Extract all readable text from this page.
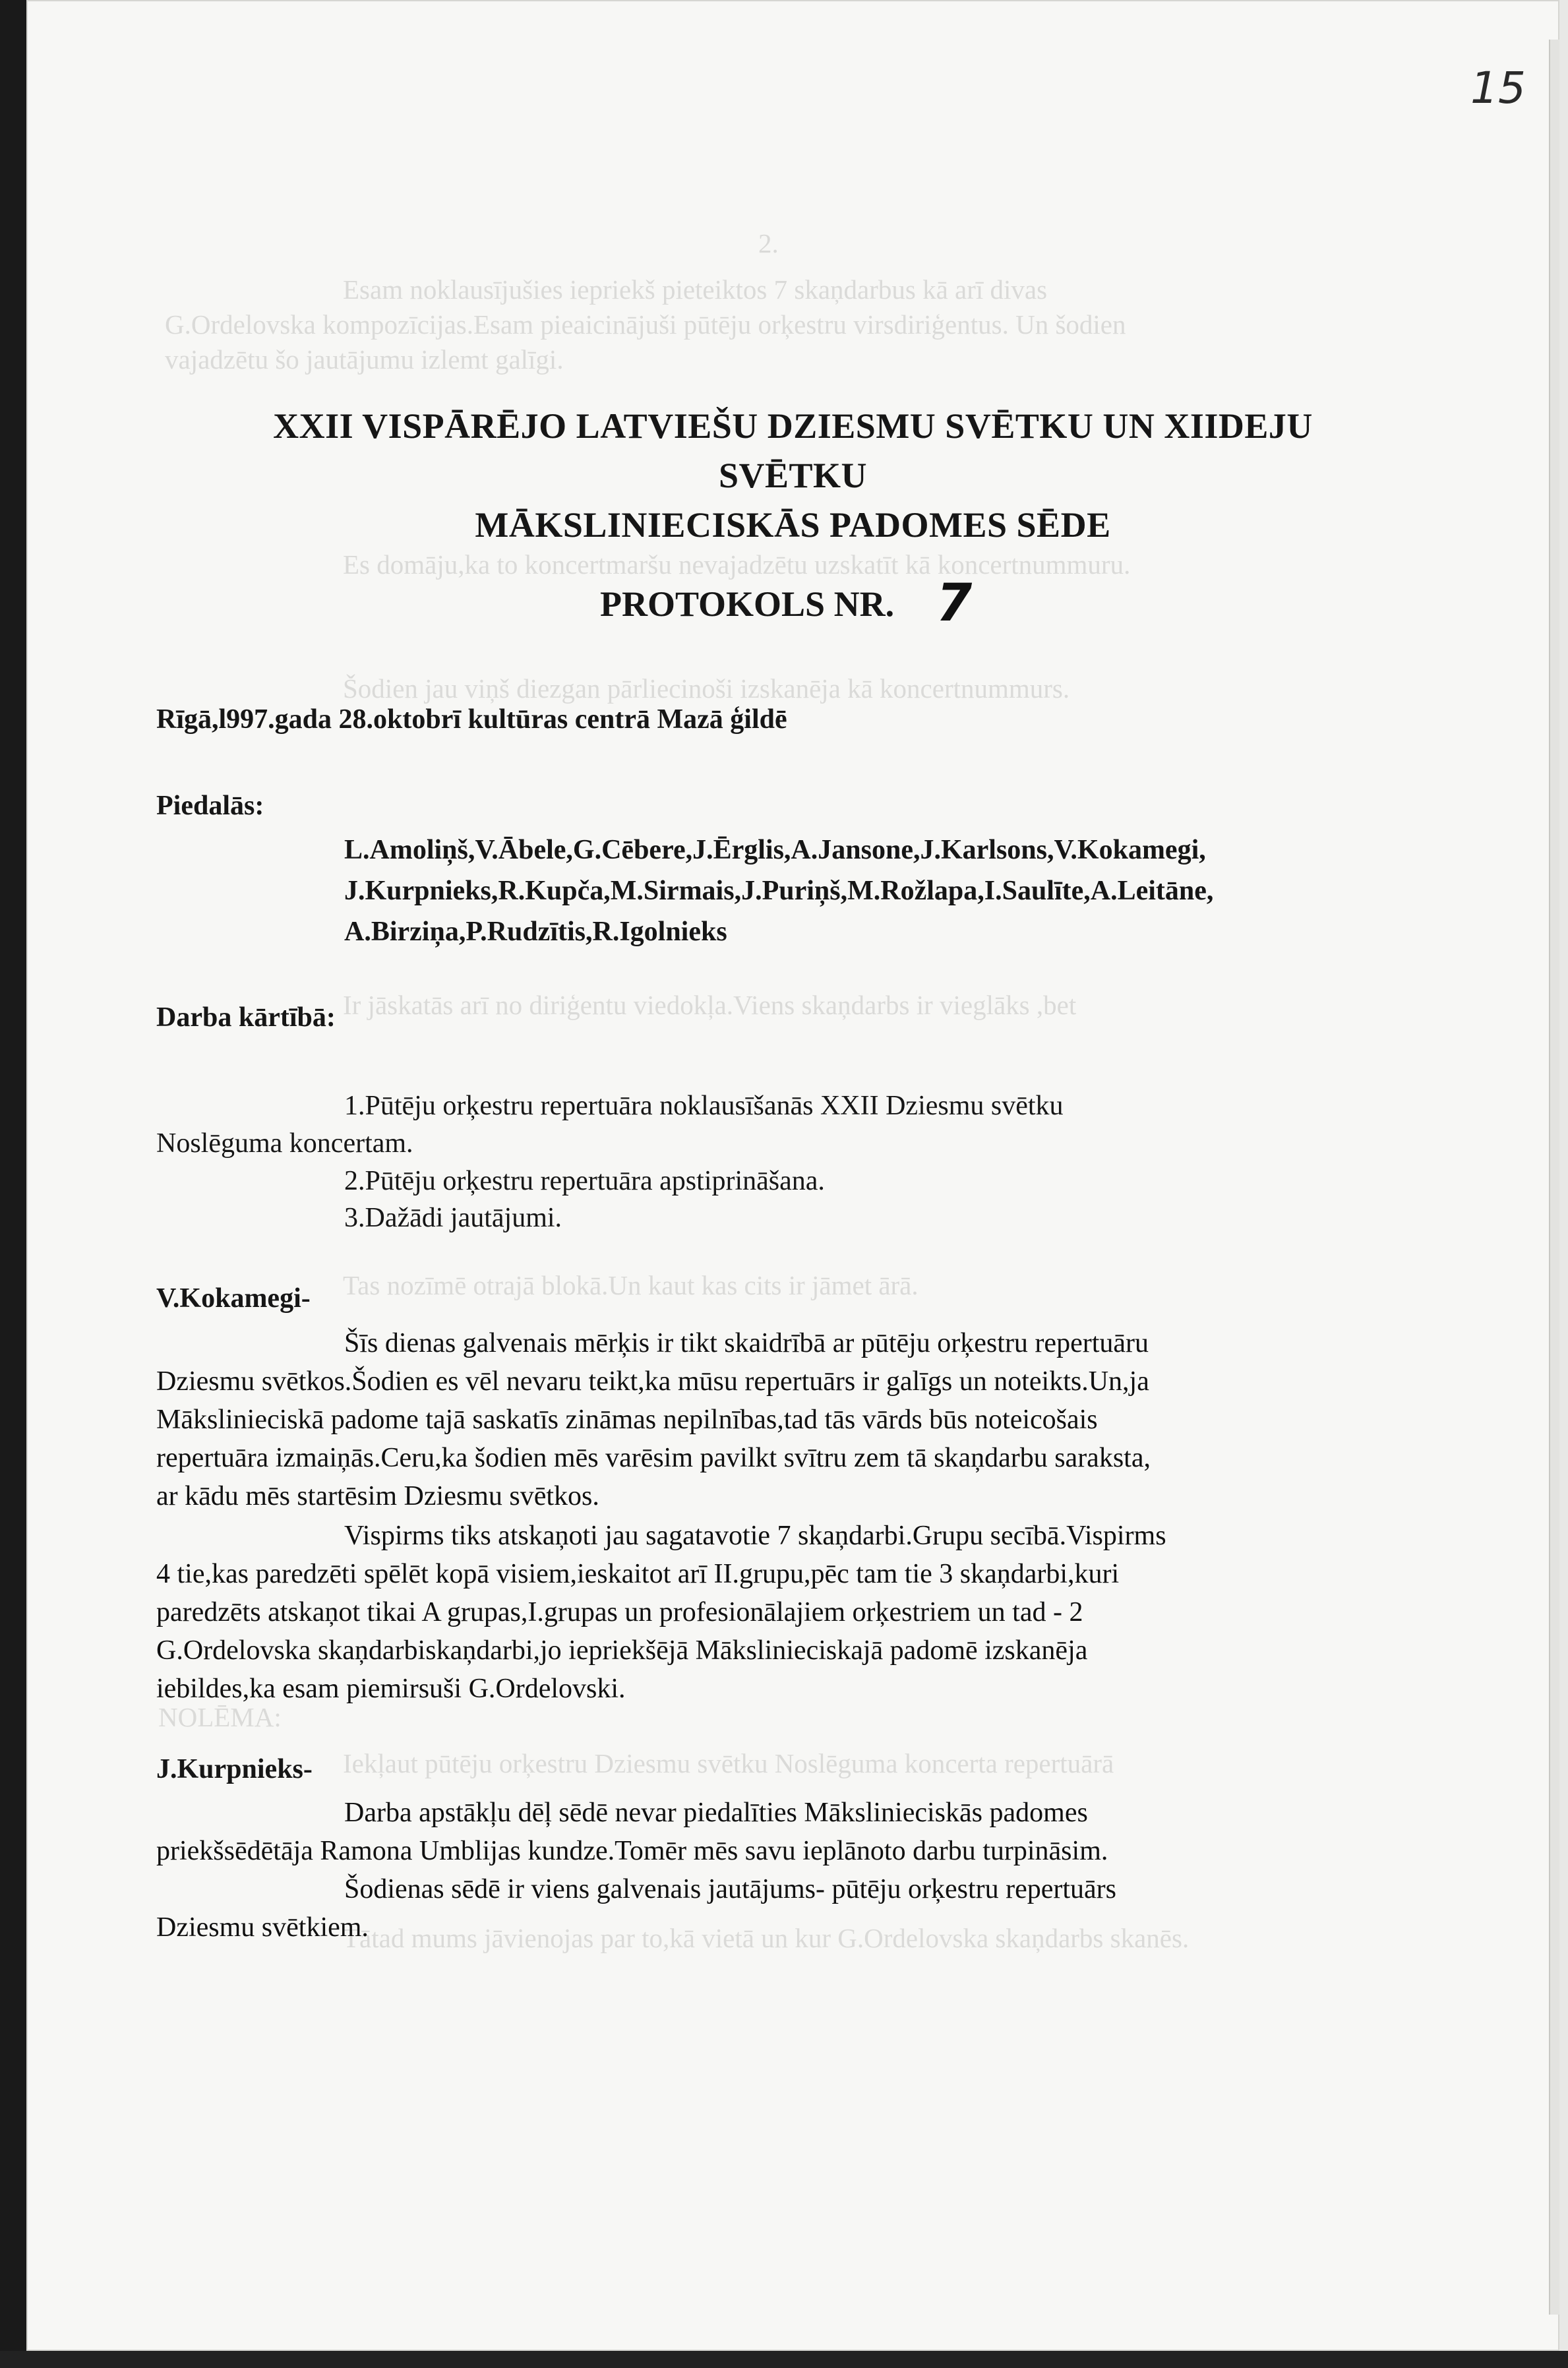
2.
Esam noklausījušies iepriekš pieteiktos 7 skaņdarbus kā arī divas
G.Ordelovska kompozīcijas.Esam pieaicinājuši pūtēju orķestru virsdiriģentus. Un šodien
vajadzētu šo jautājumu izlemt galīgi.
Es domāju,ka to koncertmaršu nevajadzētu uzskatīt kā koncertnummuru.
Šodien jau viņš diezgan pārliecinoši izskanēja kā koncertnummurs.
Ir jāskatās arī no diriģentu viedokļa.Viens skaņdarbs ir vieglāks ,bet
Tas nozīmē otrajā blokā.Un kaut kas cits ir jāmet ārā.
NOLĒMA:
Iekļaut pūtēju orķestru Dziesmu svētku Noslēguma koncerta repertuārā
Tātad mums jāvienojas par to,kā vietā un kur G.Ordelovska skaņdarbs skanēs.
15
XXII VISPĀRĒJO LATVIEŠU DZIESMU SVĒTKU UN XIIDEJU
SVĒTKU
MĀKSLINIECISKĀS PADOMES SĒDE
PROTOKOLS NR. 7
Rīgā,l997.gada 28.oktobrī kultūras centrā Mazā ģildē
Piedalās:
L.Amoliņš,V.Ābele,G.Cēbere,J.Ērglis,A.Jansone,J.Karlsons,V.Kokamegi,
J.Kurpnieks,R.Kupča,M.Sirmais,J.Puriņš,M.Rožlapa,I.Saulīte,A.Leitāne,
A.Birziņa,P.Rudzītis,R.Igolnieks
Darba kārtībā:
1.Pūtēju orķestru repertuāra noklausīšanās XXII Dziesmu svētku
Noslēguma koncertam.
2.Pūtēju orķestru repertuāra apstiprināšana.
3.Dažādi jautājumi.
V.Kokamegi-
Šīs dienas galvenais mērķis ir tikt skaidrībā ar pūtēju orķestru repertuāru
Dziesmu svētkos.Šodien es vēl nevaru teikt,ka mūsu repertuārs ir galīgs un noteikts.Un,ja
Mākslinieciskā padome tajā saskatīs zināmas nepilnības,tad tās vārds būs noteicošais
repertuāra izmaiņās.Ceru,ka šodien mēs varēsim pavilkt svītru zem tā skaņdarbu saraksta,
ar kādu mēs startēsim Dziesmu svētkos.
Vispirms tiks atskaņoti jau sagatavotie 7 skaņdarbi.Grupu secībā.Vispirms
4 tie,kas paredzēti spēlēt kopā visiem,ieskaitot arī II.grupu,pēc tam tie 3 skaņdarbi,kuri
paredzēts atskaņot tikai A grupas,I.grupas un profesionālajiem orķestriem un tad - 2
G.Ordelovska skaņdarbiskaņdarbi,jo iepriekšējā Mākslinieciskajā padomē izskanēja
iebildes,ka esam piemirsuši G.Ordelovski.
J.Kurpnieks-
Darba apstākļu dēļ sēdē nevar piedalīties Mākslinieciskās padomes
priekšsēdētāja Ramona Umblijas kundze.Tomēr mēs savu ieplānoto darbu turpināsim.
Šodienas sēdē ir viens galvenais jautājums- pūtēju orķestru repertuārs
Dziesmu svētkiem.
